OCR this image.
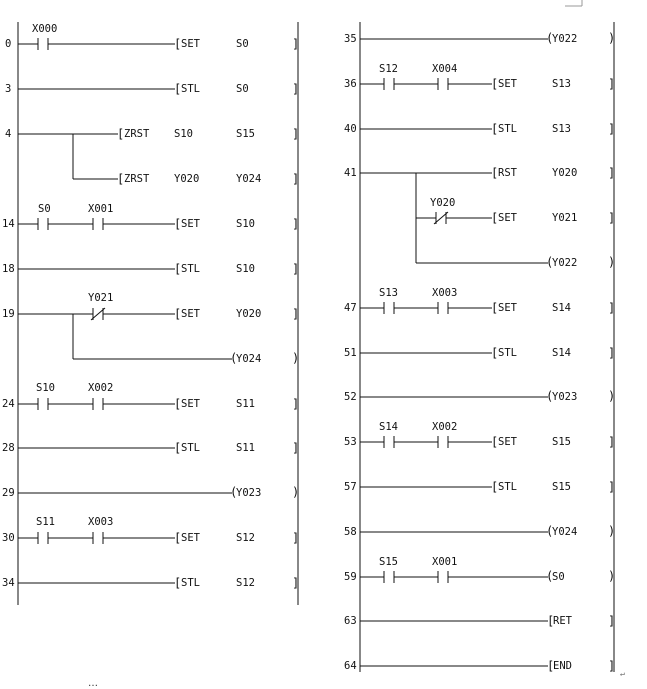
0
3
4
14
18
19
24
28
29
30
34
X000
S0	X001
Y021
S10	X002
S11	X003
[ SET	S0	]
[ STL	S0	]
[ ZRST S10	S15	]
[ ZRST Y020	Y024	]
[ SET	S10	]
[ STL	S10	]
[ SET	Y020	]
(
Y024	)
[ SET	S11	]
[ STL	S11	]
(
Y023	)
[ SET	S12	]
[ STL	S12	]
35
36
40
41
47
51
52
53
57
58
59
63
64
S12	X004
Y020
S13	X003
S14	X002
S15	X001
(
Y022	)
[ SET	S13	]
[ STL	S13	]
[ RST	Y020	]
[ SET	Y021	]
(
Y022	)
[ SET	S14	]
[ STL	S14	]
(
Y023	)
[ SET	S15	]
[ STL	S15	]
(
Y024	)
(
S0	)
[
RET	]
[
END	]
↵
…
